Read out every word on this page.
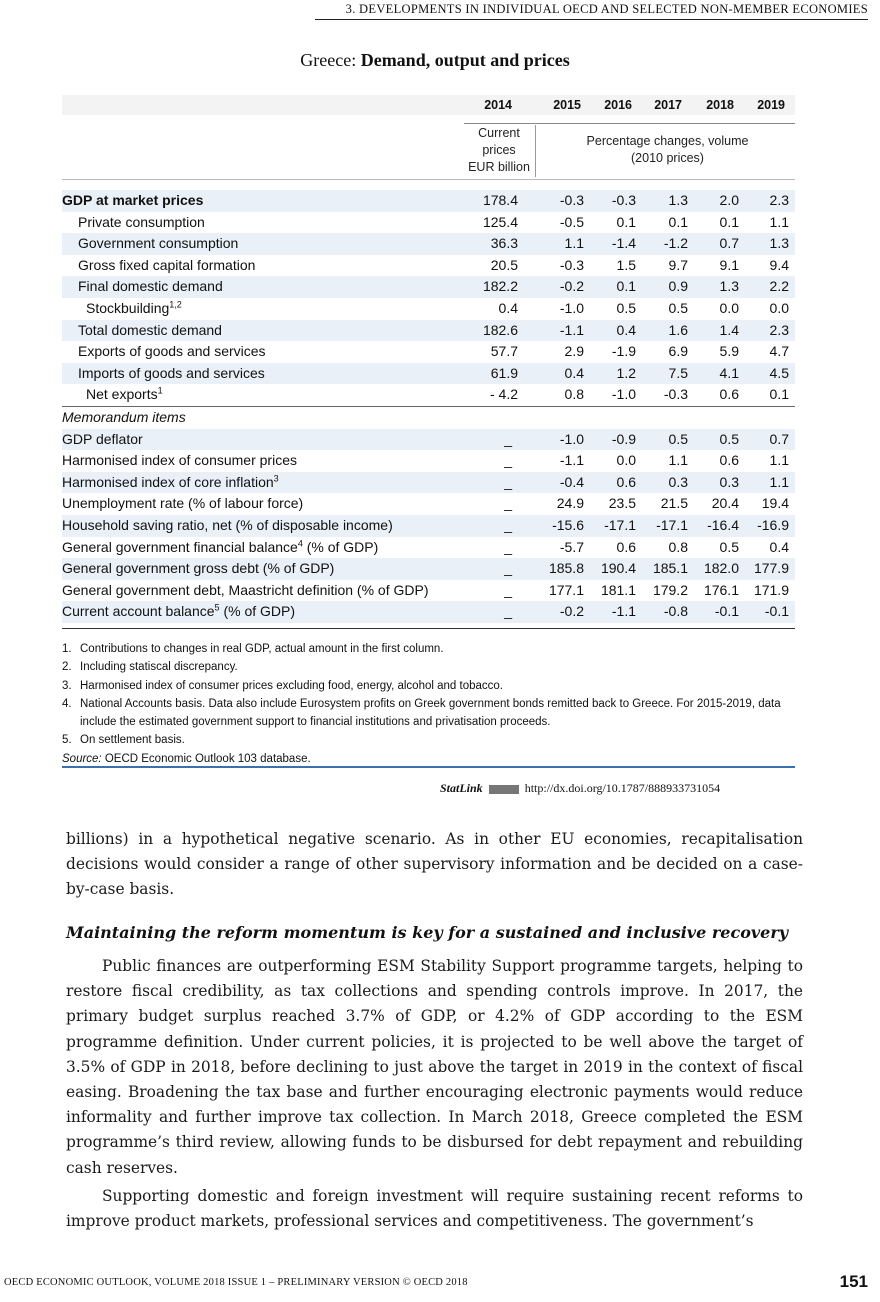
3. DEVELOPMENTS IN INDIVIDUAL OECD AND SELECTED NON-MEMBER ECONOMIES
Greece: Demand, output and prices
2014	2015	2016	2017	2018	2019
Current
prices
EUR billion
Percentage changes, volume
(2010 prices)
GDP at market prices	178.4	-0.3	-0.3	1.3	2.0	2.3
Private consumption	125.4	-0.5	0.1	0.1	0.1	1.1
Government consumption	36.3	1.1	-1.4	-1.2	0.7	1.3
Gross fixed capital formation	20.5	-0.3	1.5	9.7	9.1	9.4
Final domestic demand	182.2	-0.2	0.1	0.9	1.3	2.2
Stockbuilding$^{1,2}$	0.4	-1.0	0.5	0.5	0.0	0.0
Total domestic demand	182.6	-1.1	0.4	1.6	1.4	2.3
Exports of goods and services	57.7	2.9	-1.9	6.9	5.9	4.7
Imports of goods and services	61.9	0.4	1.2	7.5	4.1	4.5
Net exports$^1$	- 4.2	0.8	-1.0	-0.3	0.6	0.1
Memorandum items
GDP deflator	_	-1.0	-0.9	0.5	0.5	0.7
Harmonised index of consumer prices	_	-1.1	0.0	1.1	0.6	1.1
Harmonised index of core inflation$^3$	_	-0.4	0.6	0.3	0.3	1.1
Unemployment rate (% of labour force)	_	24.9	23.5	21.5	20.4	19.4
Household saving ratio, net (% of disposable income)	_	-15.6	-17.1	-17.1	-16.4	-16.9
General government financial balance$^4$ (% of GDP)	_	-5.7	0.6	0.8	0.5	0.4
General government gross debt (% of GDP)	_	185.8	190.4	185.1	182.0	177.9
General government debt, Maastricht definition (% of GDP)	_	177.1	181.1	179.2	176.1	171.9
Current account balance$^5$ (% of GDP)	_	-0.2	-1.1	-0.8	-0.1	-0.1
1. Contributions to changes in real GDP, actual amount in the first column.
2. Including statiscal discrepancy.
3. Harmonised index of consumer prices excluding food, energy, alcohol and tobacco.
4. National Accounts basis. Data also include Eurosystem profits on Greek government bonds remitted back to Greece. For 2015-2019, data include the estimated government support to financial institutions and privatisation proceeds.
5. On settlement basis.
Source: OECD Economic Outlook 103 database.
StatLink	http://dx.doi.org/10.1787/888933731054
billions) in a hypothetical negative scenario. As in other EU economies, recapitalisation decisions would consider a range of other supervisory information and be decided on a case-by-case basis.
Maintaining the reform momentum is key for a sustained and inclusive recovery
Public finances are outperforming ESM Stability Support programme targets, helping to restore fiscal credibility, as tax collections and spending controls improve. In 2017, the primary budget surplus reached 3.7% of GDP, or 4.2% of GDP according to the ESM programme definition. Under current policies, it is projected to be well above the target of 3.5% of GDP in 2018, before declining to just above the target in 2019 in the context of fiscal easing. Broadening the tax base and further encouraging electronic payments would reduce informality and further improve tax collection. In March 2018, Greece completed the ESM programme’s third review, allowing funds to be disbursed for debt repayment and rebuilding cash reserves.
Supporting domestic and foreign investment will require sustaining recent reforms to improve product markets, professional services and competitiveness. The government’s
OECD ECONOMIC OUTLOOK, VOLUME 2018 ISSUE 1 – PRELIMINARY VERSION © OECD 2018	151
